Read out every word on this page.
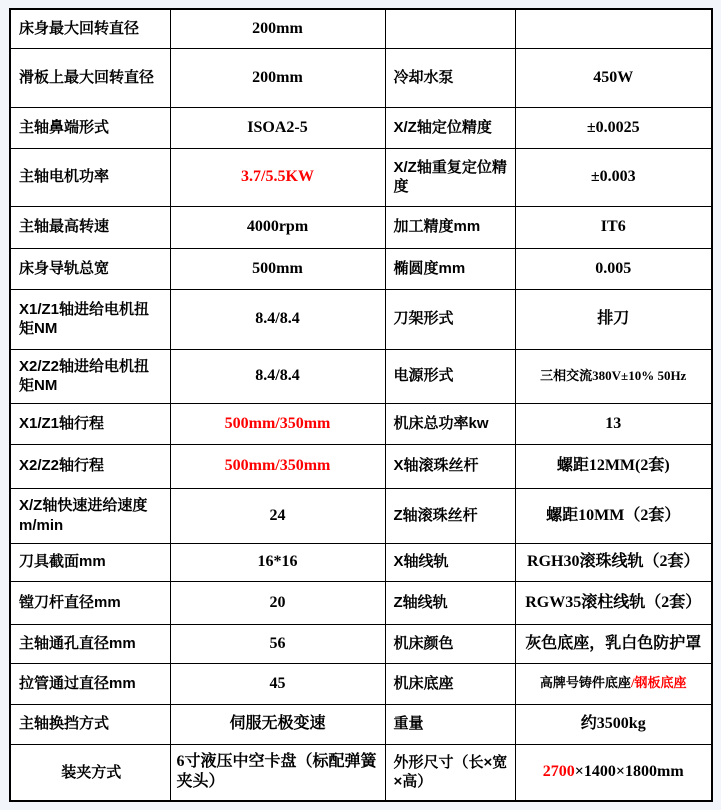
床身最大回转直径	200mm		
滑板上最大回转直径	200mm	冷却水泵	450W
主轴鼻端形式	ISOA2-5	X/Z轴定位精度	±0.0025
主轴电机功率	3.7/5.5KW	X/Z轴重复定位精度	±0.003
主轴最高转速	4000rpm	加工精度mm	IT6
床身导轨总宽	500mm	椭圆度mm	0.005
X1/Z1轴进给电机扭矩NM	8.4/8.4	刀架形式	排刀
X2/Z2轴进给电机扭矩NM	8.4/8.4	电源形式	三相交流380V±10% 50Hz
X1/Z1轴行程	500mm/350mm	机床总功率kw	13
X2/Z2轴行程	500mm/350mm	X轴滚珠丝杆	螺距12MM(2套)
X/Z轴快速进给速度m/min	24	Z轴滚珠丝杆	螺距10MM（2套）
刀具截面mm	16*16	X轴线轨	RGH30滚珠线轨（2套）
镗刀杆直径mm	20	Z轴线轨	RGW35滚柱线轨（2套）
主轴通孔直径mm	56	机床颜色	灰色底座，乳白色防护罩
拉管通过直径mm	45	机床底座	高牌号铸件底座/钢板底座
主轴换挡方式	伺服无极变速	重量	约3500kg
装夹方式	6寸液压中空卡盘（标配弹簧夹头）	外形尺寸（长×宽×高）	2700×1400×1800mm
